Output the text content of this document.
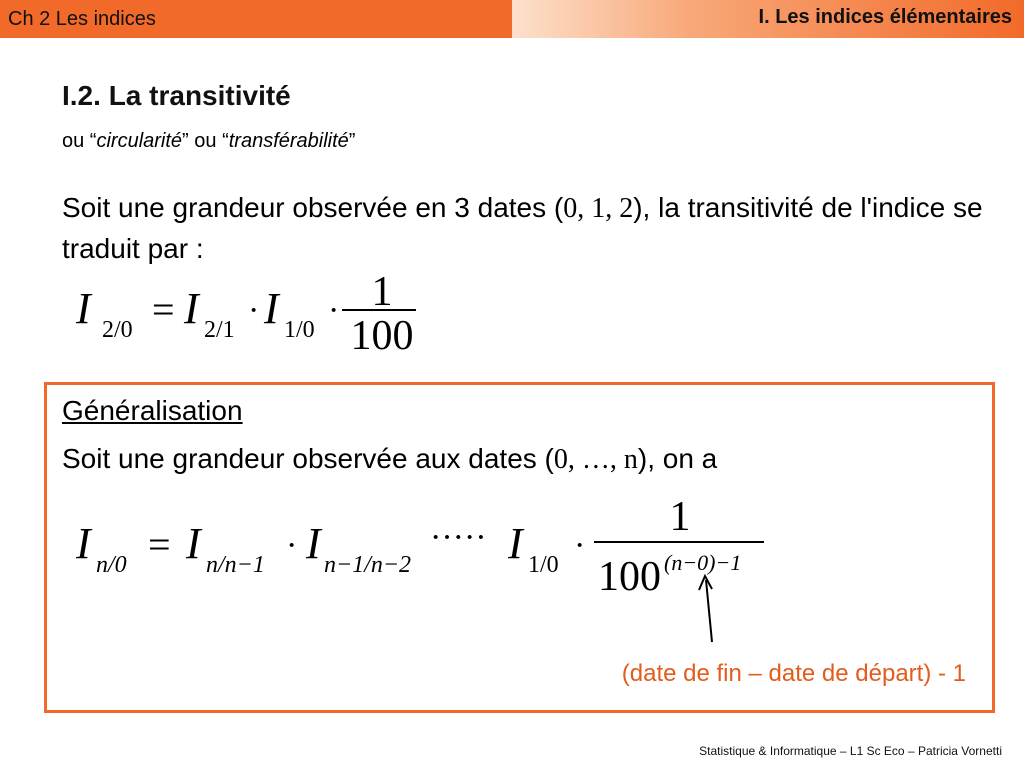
Ch 2 Les indices	I. Les indices élémentaires
I.2. La transitivité
ou “circularité” ou “transférabilité”
Soit une grandeur observée en 3 dates (0, 1, 2), la transitivité de l'indice se traduit par :
I 2/0 = I 2/1
· I 1/0
· 1
100
Généralisation
Soit une grandeur observée aux dates (0, …, n), on a
I n/0 = I n/n−1
· I n−1/n−2
····· I 1/0
·
1
100 (n−0)−1
(date de fin – date de départ) - 1
Statistique & Informatique – L1 Sc Eco – Patricia Vornetti
